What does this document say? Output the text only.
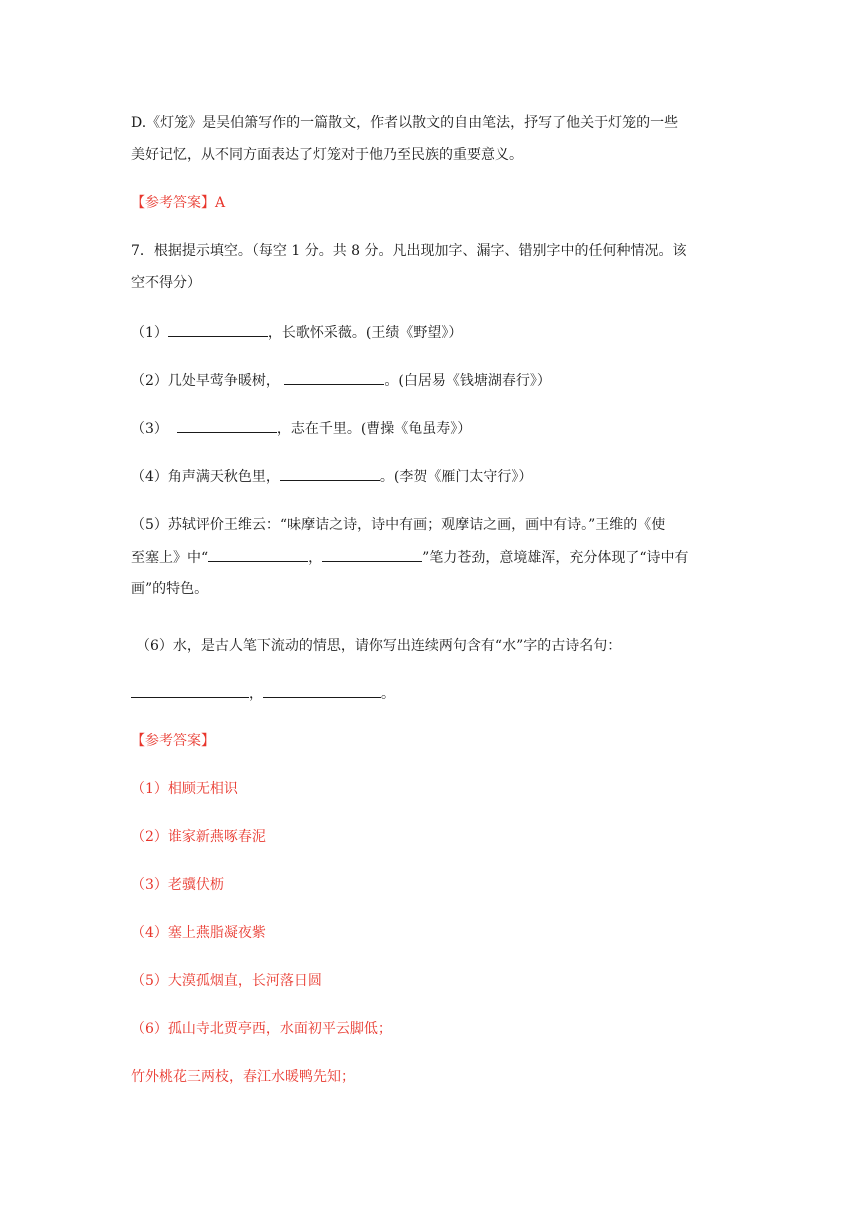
D.《灯笼》是吴伯箫写作的一篇散文，作者以散文的自由笔法，抒写了他关于灯笼的一些
美好记忆，从不同方面表达了灯笼对于他乃至民族的重要意义。
【参考答案】A
7．根据提示填空。（每空 1 分。共 8 分。凡出现加字、漏字、错别字中的任何种情况。该
空不得分）
（1）	，长歌怀采薇。(王绩《野望》）
（2）几处早莺争暖树，	。(白居易《钱塘湖春行》）
（3）	，志在千里。(曹操《龟虽寿》）
（4）角声满天秋色里，	。(李贺《雁门太守行》）
（5）苏轼评价王维云：“味摩诘之诗，诗中有画；观摩诘之画，画中有诗。”王维的《使
至塞上》中“	，	”笔力苍劲，意境雄浑，充分体现了“诗中有
画”的特色。
（6）水，是古人笔下流动的情思，请你写出连续两句含有“水”字的古诗名句：
，	。
【参考答案】
（1）相顾无相识
（2）谁家新燕啄春泥
（3）老骥伏枥
（4）塞上燕脂凝夜紫
（5）大漠孤烟直，长河落日圆
（6）孤山寺北贾亭西，水面初平云脚低；
竹外桃花三两枝，春江水暖鸭先知；
